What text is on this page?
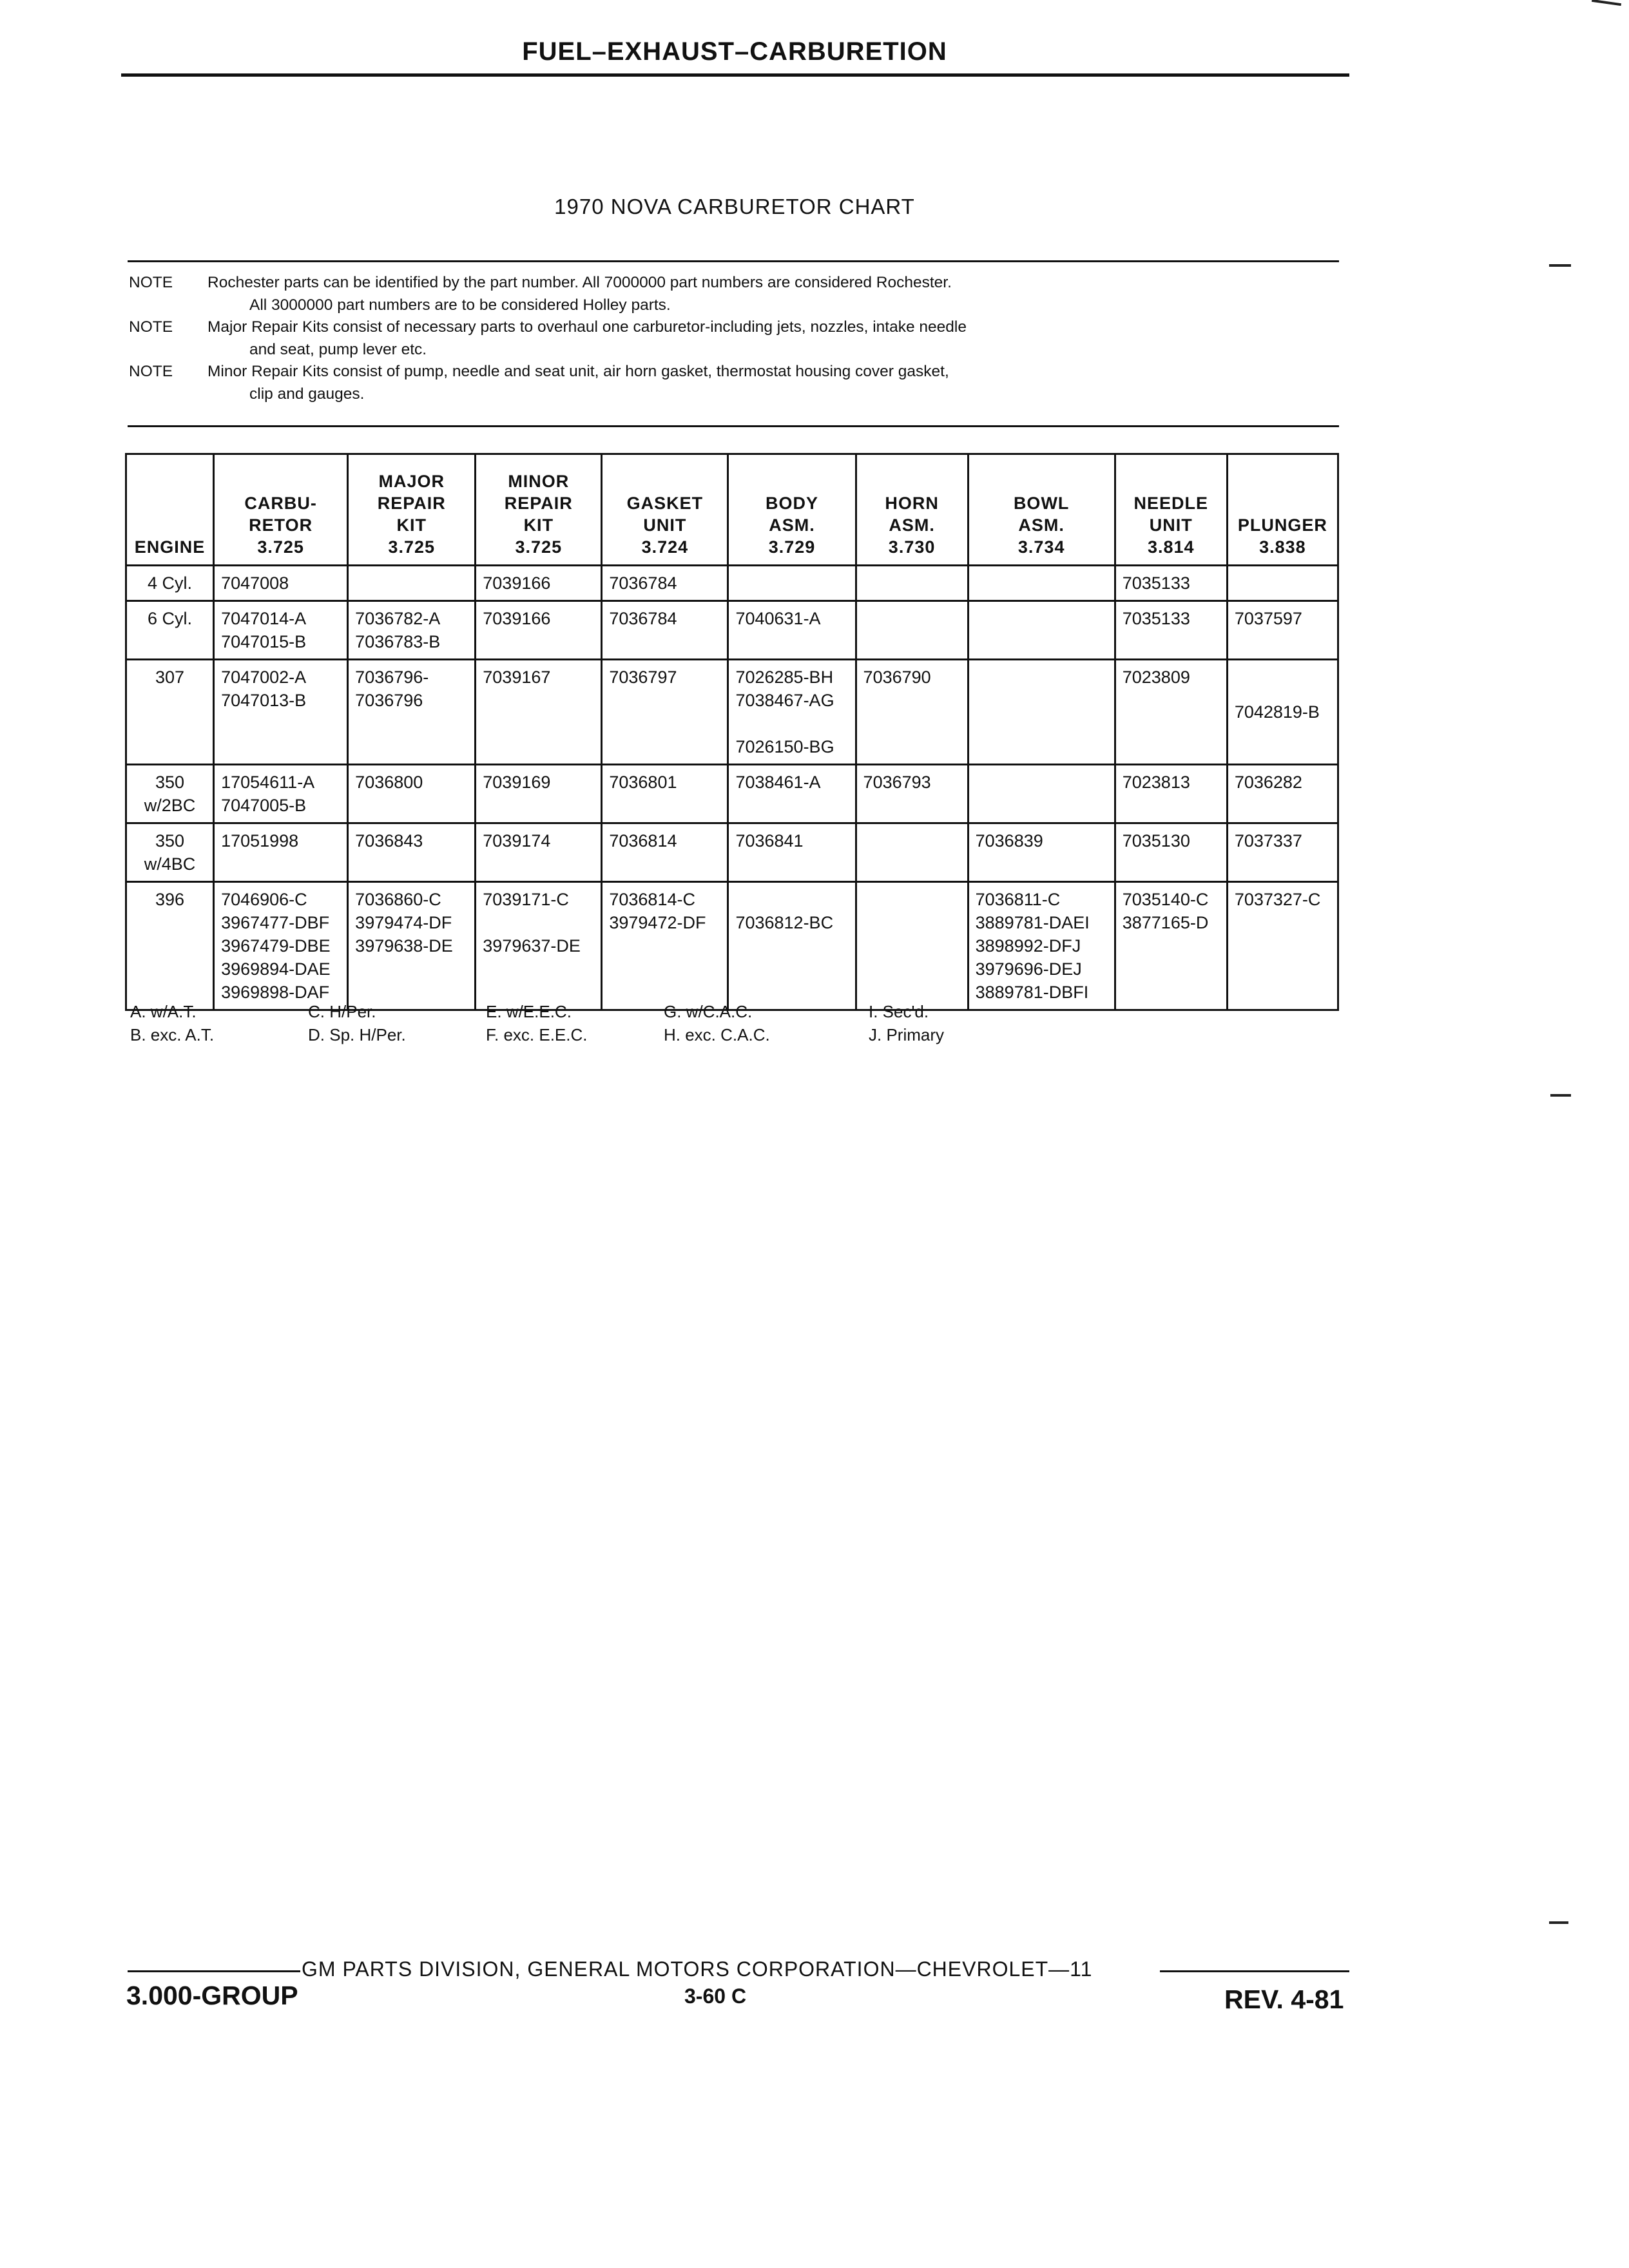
FUEL–EXHAUST–CARBURETION
1970 NOVA CARBURETOR CHART
NOTE	Rochester parts can be identified by the part number. All 7000000 part numbers are considered Rochester.
All 3000000 part numbers are to be considered Holley parts.
NOTE	Major Repair Kits consist of necessary parts to overhaul one carburetor-including jets, nozzles, intake needle
and seat, pump lever etc.
NOTE	Minor Repair Kits consist of pump, needle and seat unit, air horn gasket, thermostat housing cover gasket,
clip and gauges.
ENGINE	CARBU-
RETOR
3.725	MAJOR
REPAIR
KIT
3.725	MINOR
REPAIR
KIT
3.725	GASKET
UNIT
3.724	BODY
ASM.
3.729	HORN
ASM.
3.730	BOWL
ASM.
3.734	NEEDLE
UNIT
3.814	PLUNGER
3.838

4 Cyl.	7047008		7039166	7036784				7035133	

6 Cyl.	7047014-A
7047015-B	7036782-A
7036783-B	7039166	7036784	7040631-A			7035133	7037597

307	7047002-A
7047013-B	7036796-
7036796	7039167	7036797	7026285-BH
7038467-AG
7026150-BG	7036790		7023809	7042819-B

350
w/2BC	17054611-A
7047005-B	7036800	7039169	7036801	7038461-A	7036793		7023813	7036282

350
w/4BC	17051998	7036843	7039174	7036814	7036841		7036839	7035130	7037337

396	7046906-C
3967477-DBF
3967479-DBE
3969894-DAE
3969898-DAF	7036860-C
3979474-DF
3979638-DE	7039171-C
3979637-DE	7036814-C
3979472-DF	7036812-BC		7036811-C
3889781-DAEI
3898992-DFJ
3979696-DEJ
3889781-DBFI	7035140-C
3877165-D	7037327-C
A. w/A.T.
B. exc. A.T.
C. H/Per.
D. Sp. H/Per.
E. w/E.E.C.
F. exc. E.E.C.
G. w/C.A.C.
H. exc. C.A.C.
I. Sec'd.
J. Primary
GM PARTS DIVISION, GENERAL MOTORS CORPORATION—CHEVROLET—11
3.000-GROUP	3-60 C	REV. 4-81
